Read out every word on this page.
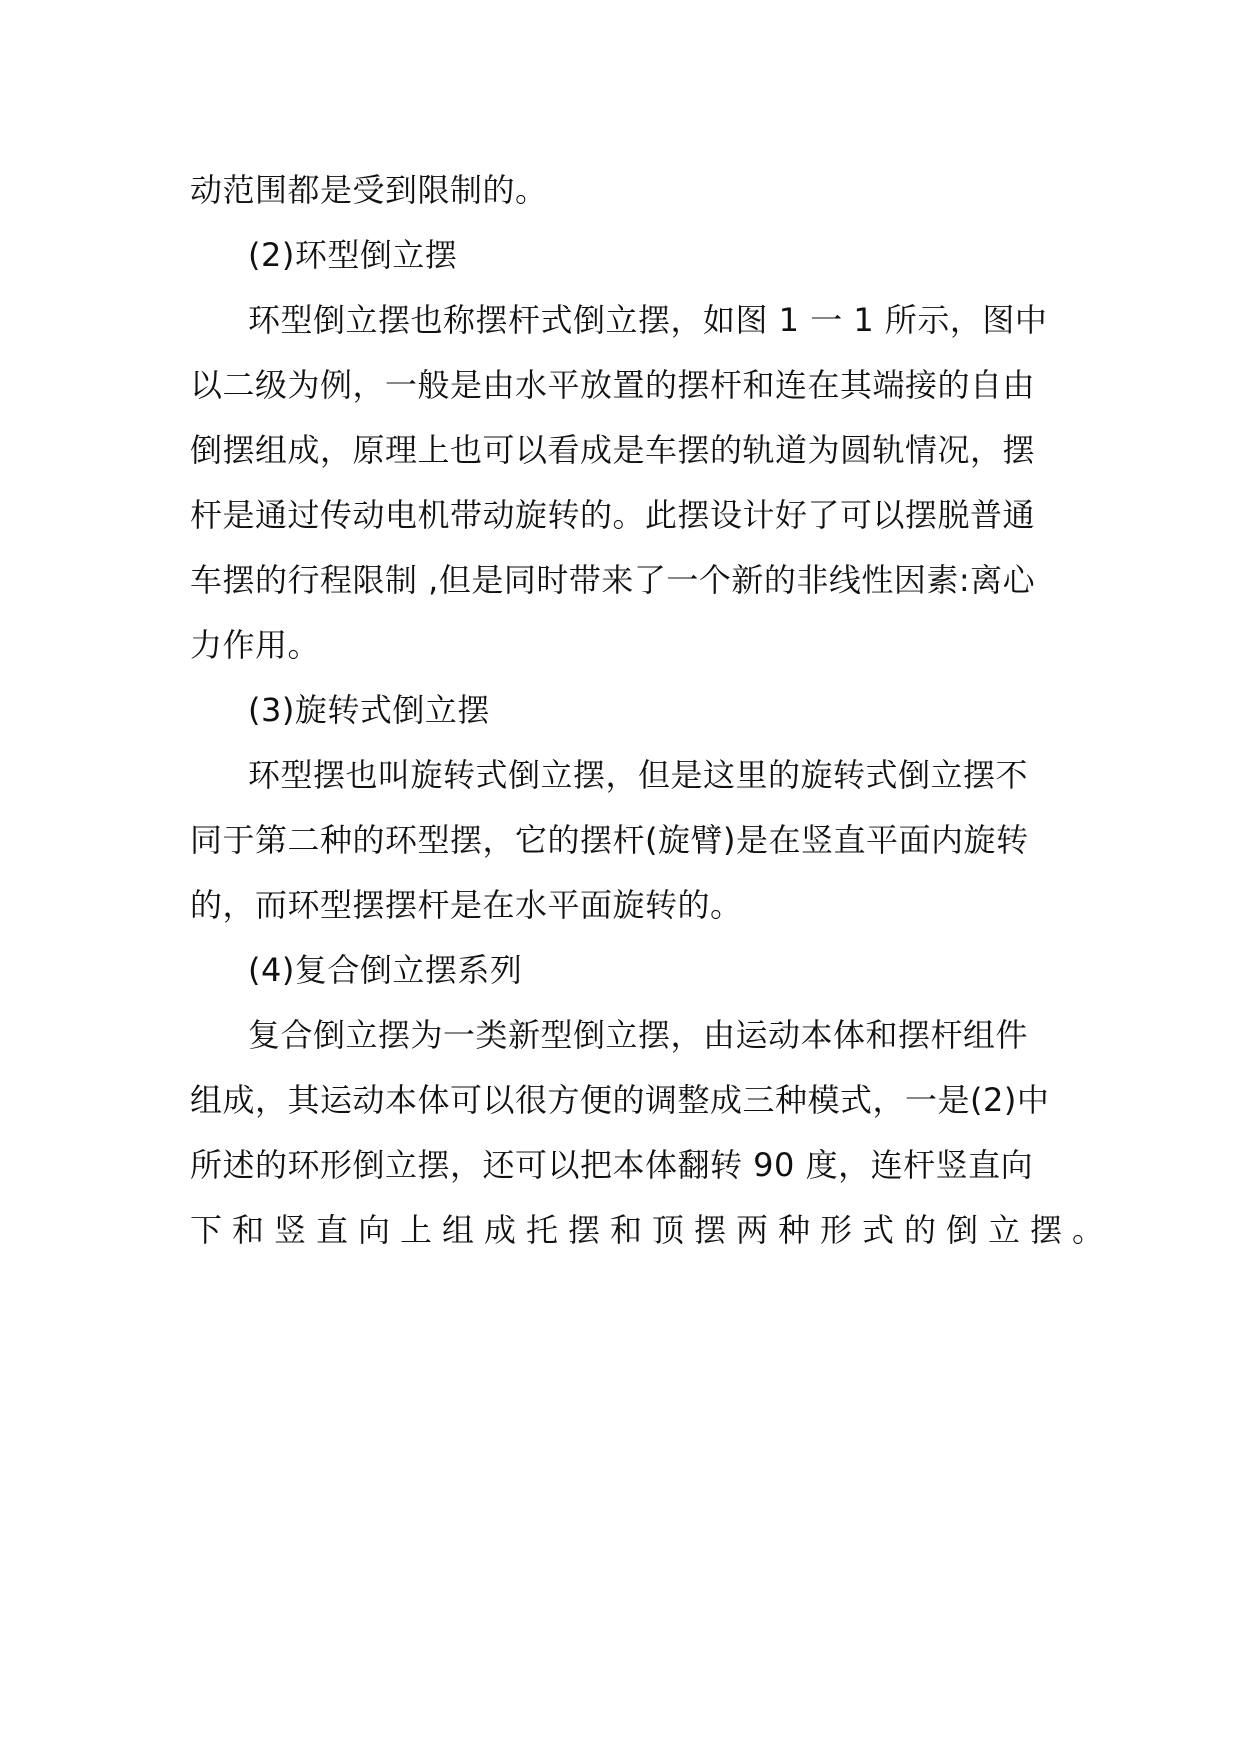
动范围都是受到限制的。
(2)环型倒立摆
环型倒立摆也称摆杆式倒立摆，如图 1 一 1 所示，图中
以二级为例，一般是由水平放置的摆杆和连在其端接的自由
倒摆组成，原理上也可以看成是车摆的轨道为圆轨情况，摆
杆是通过传动电机带动旋转的。此摆设计好了可以摆脱普通
车摆的行程限制 ,但是同时带来了一个新的非线性因素:离心
力作用。
(3)旋转式倒立摆
环型摆也叫旋转式倒立摆，但是这里的旋转式倒立摆不
同于第二种的环型摆，它的摆杆(旋臂)是在竖直平面内旋转
的，而环型摆摆杆是在水平面旋转的。
(4)复合倒立摆系列
复合倒立摆为一类新型倒立摆，由运动本体和摆杆组件
组成，其运动本体可以很方便的调整成三种模式，一是(2)中
所述的环形倒立摆，还可以把本体翻转 90 度，连杆竖直向
下和竖直向上组成托摆和顶摆两种形式的倒立摆。
